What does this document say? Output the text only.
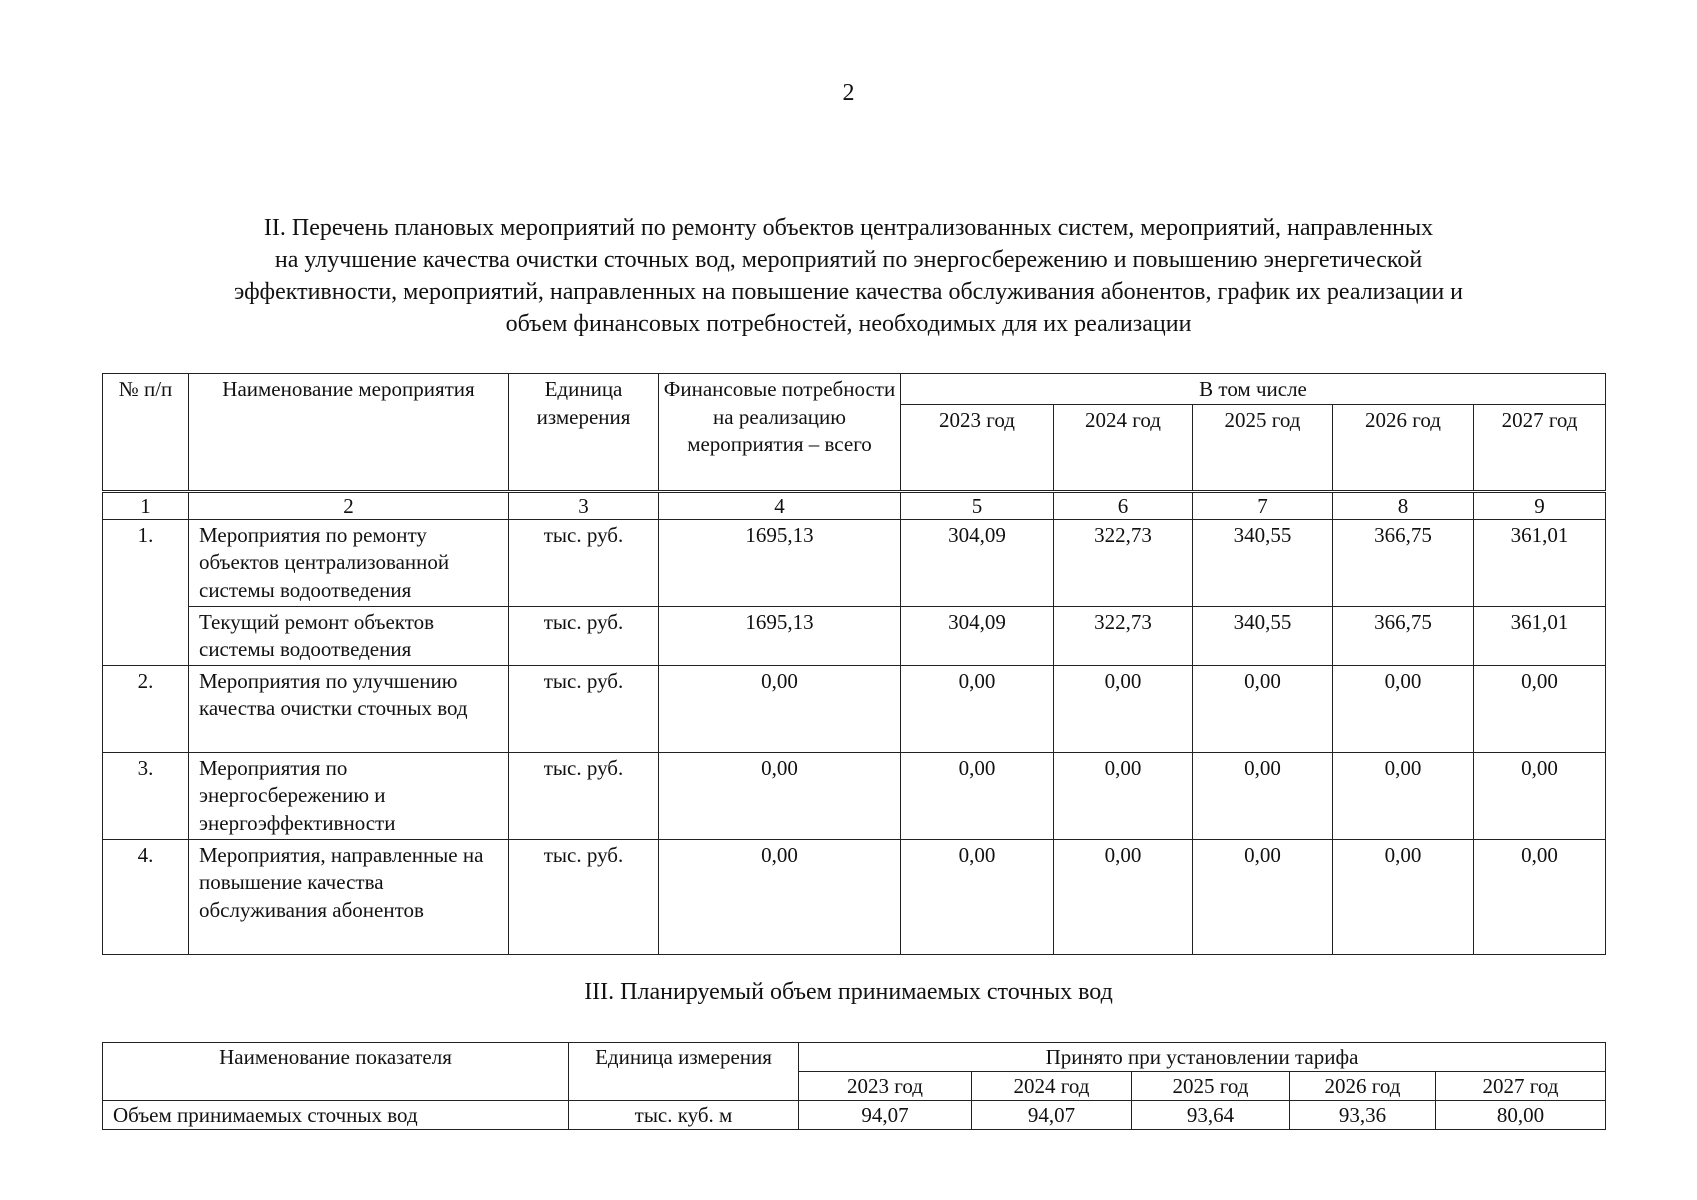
2
II. Перечень плановых мероприятий по ремонту объектов централизованных систем, мероприятий, направленных
на улучшение качества очистки сточных вод, мероприятий по энергосбережению и повышению энергетической
эффективности, мероприятий, направленных на повышение качества обслуживания абонентов, график их реализации и
объем финансовых потребностей, необходимых для их реализации
№ п/п	Наименование мероприятия	Единица измерения	Финансовые потребности на реализацию мероприятия – всего	В том числе				
				2023 год	2024 год	2025 год	2026 год	2027 год
1	2	3	4	5	6	7	8	9
1.	Мероприятия по ремонту объектов централизованной системы водоотведения	тыс. руб.	1695,13	304,09	322,73	340,55	366,75	361,01
	Текущий ремонт объектов системы водоотведения	тыс. руб.	1695,13	304,09	322,73	340,55	366,75	361,01
2.	Мероприятия по улучшению качества очистки сточных вод	тыс. руб.	0,00	0,00	0,00	0,00	0,00	0,00
3.	Мероприятия по энергосбережению и энергоэффективности	тыс. руб.	0,00	0,00	0,00	0,00	0,00	0,00
4.	Мероприятия, направленные на повышение качества обслуживания абонентов	тыс. руб.	0,00	0,00	0,00	0,00	0,00	0,00
III. Планируемый объем принимаемых сточных вод
Наименование показателя	Единица измерения	Принято при установлении тарифа				
		2023 год	2024 год	2025 год	2026 год	2027 год
Объем принимаемых сточных вод	тыс. куб. м	94,07	94,07	93,64	93,36	80,00
